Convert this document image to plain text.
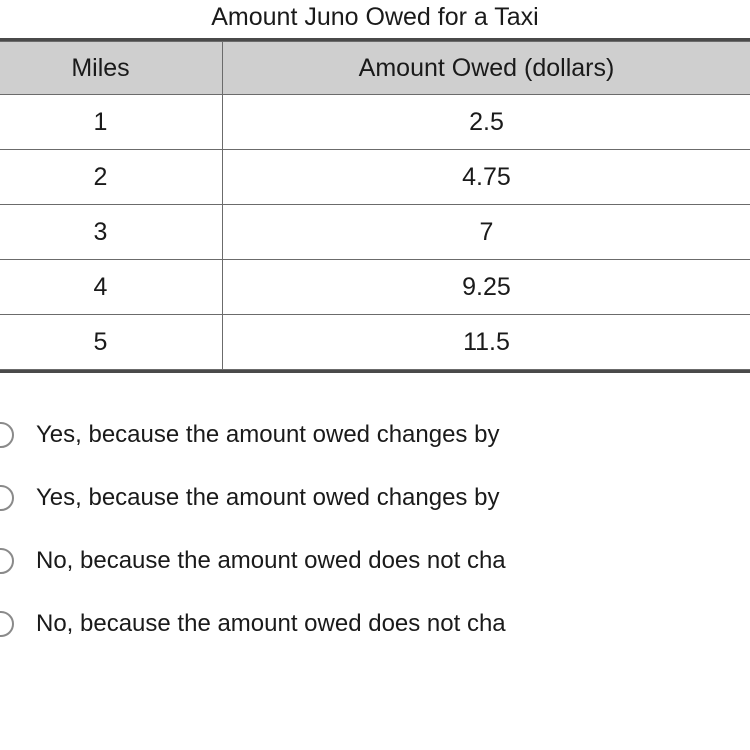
Amount Juno Owed for a Taxi
Miles	Amount Owed (dollars)
1	2.5
2	4.75
3	7
4	9.25
5	11.5
Yes, because the amount owed changes by
Yes, because the amount owed changes by
No, because the amount owed does not cha
No, because the amount owed does not cha
